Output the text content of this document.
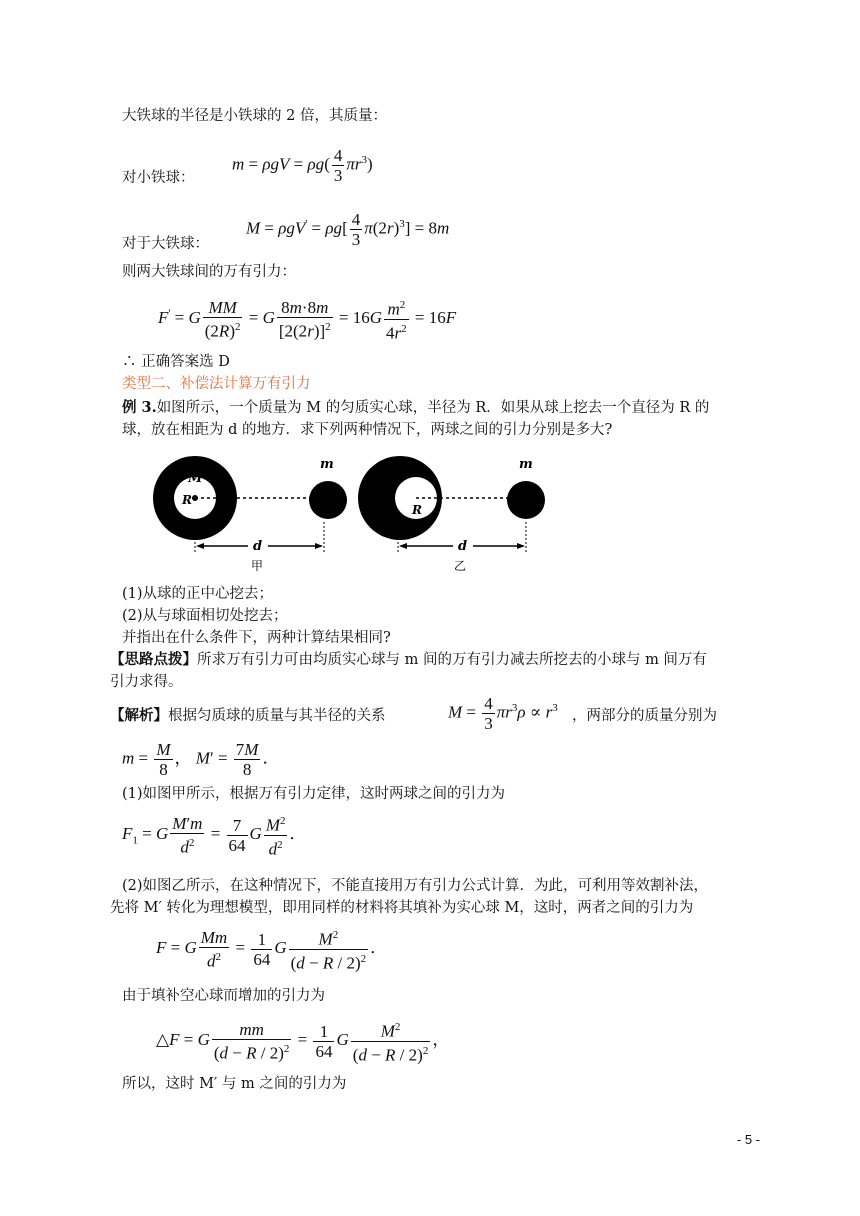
大铁球的半径是小铁球的 2 倍，其质量：
$m = \rho gV = \rho g( \frac{4}{3} \pi r^3)$
对小铁球：
$M = \rho gV' = \rho g[ \frac{4}{3} \pi(2r)^3] = 8m$
对于大铁球：
则两大铁球间的万有引力：
F' = G $\frac{MM}{(2R)^2} = G \frac{8m\cdot 8m}{[2(2r)]^2} = 16G \frac{m^2}{4r^2} = 16F$
∴ 正确答案选 D
类型二、补偿法计算万有引力
例 3.如图所示，一个质量为 M 的匀质实心球，半径为 R．如果从球上挖去一个直径为 R 的
球，放在相距为 d 的地方．求下列两种情况下，两球之间的引力分别是多大?
M′
R
m
d
甲
M′
R
m
d
乙
(1)从球的正中心挖去；
(2)从与球面相切处挖去；
并指出在什么条件下，两种计算结果相同?
【思路点拨】所求万有引力可由均质实心球与 m 间的万有引力减去所挖去的小球与 m 间万有
引力求得。
【解析】根据匀质球的质量与其半径的关系	$M = \frac{4}{3} \pi r^3\rho \propto r^3$
，两部分的质量分别为
$m = \frac{M}{8}$ ， $M' = \frac{7M}{8}$ ．
(1)如图甲所示，根据万有引力定律，这时两球之间的引力为
$F_1 = G \frac{M'm}{d^2} = \frac{7}{64}$ G $\frac{M^2}{d^2}$ ．
(2)如图乙所示，在这种情况下，不能直接用万有引力公式计算．为此，可利用等效割补法，
先将 M′ 转化为理想模型，即用同样的材料将其填补为实心球 M，这时，两者之间的引力为
F = G $\frac{Mm}{d^2} = \frac{1}{64}$ G $\frac{M^2}{(d - R / 2)^2}$ ．
由于填补空心球而增加的引力为
△F = G $\frac{mm}{(d - R / 2)^2} = \frac{1}{64}$ G $\frac{M^2}{(d - R / 2)^2}$ ，
所以，这时 M′ 与 m 之间的引力为
- 5 -
